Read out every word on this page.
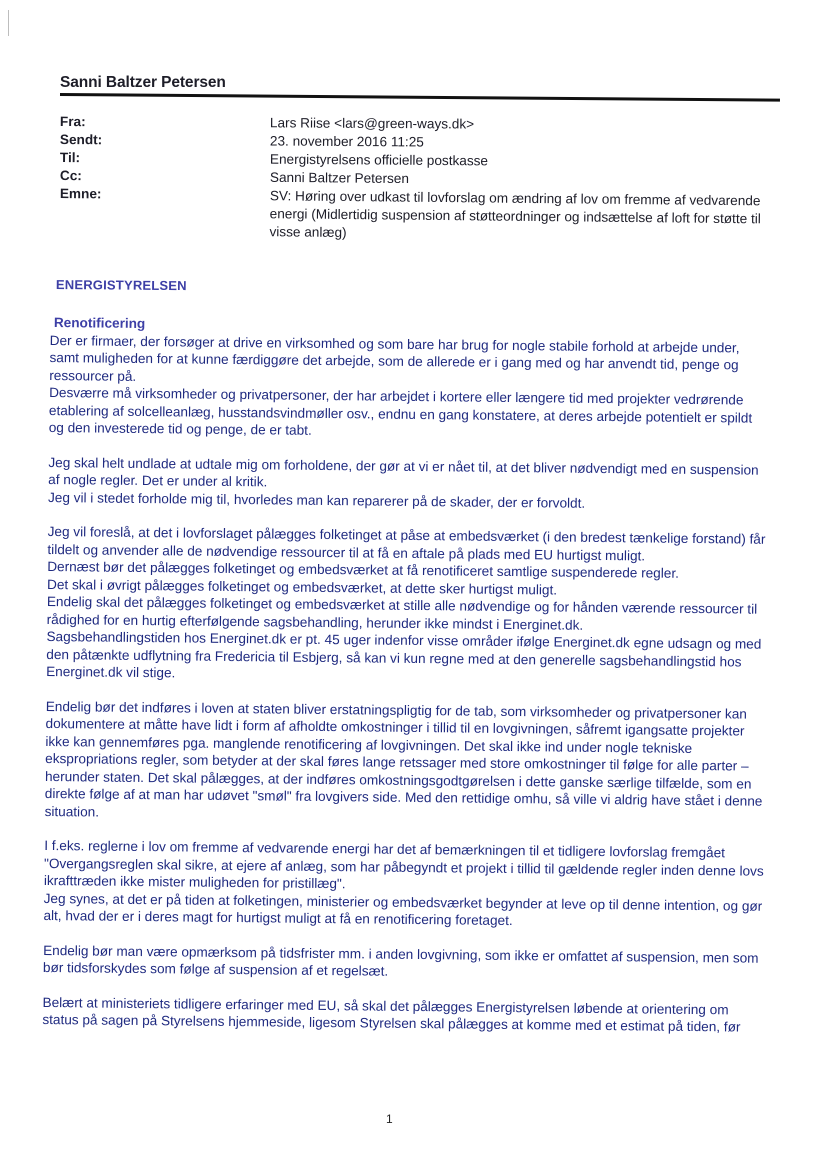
Sanni Baltzer Petersen
Fra:	Lars Riise <lars@green-ways.dk>
Sendt:	23. november 2016 11:25
Til:	Energistyrelsens officielle postkasse
Cc:	Sanni Baltzer Petersen
Emne:	SV: Høring over udkast til lovforslag om ændring af lov om fremme af vedvarende energi (Midlertidig suspension af støtteordninger og indsættelse af loft for støtte til visse anlæg)
ENERGISTYRELSEN
Renotificering

Der er firmaer, der forsøger at drive en virksomhed og som bare har brug for nogle stabile forhold at arbejde under, samt muligheden for at kunne færdiggøre det arbejde, som de allerede er i gang med og har anvendt tid, penge og ressourcer på.

Desværre må virksomheder og privatpersoner, der har arbejdet i kortere eller længere tid med projekter vedrørende etablering af solcelleanlæg, husstandsvindmøller osv., endnu en gang konstatere, at deres arbejde potentielt er spildt og den investerede tid og penge, de er tabt.

Jeg skal helt undlade at udtale mig om forholdene, der gør at vi er nået til, at det bliver nødvendigt med en suspension af nogle regler. Det er under al kritik.

Jeg vil i stedet forholde mig til, hvorledes man kan reparerer på de skader, der er forvoldt.

Jeg vil foreslå, at det i lovforslaget pålægges folketinget at påse at embedsværket (i den bredest tænkelige forstand) får tildelt og anvender alle de nødvendige ressourcer til at få en aftale på plads med EU hurtigst muligt.

Dernæst bør det pålægges folketinget og embedsværket at få renotificeret samtlige suspenderede regler.

Det skal i øvrigt pålægges folketinget og embedsværket, at dette sker hurtigst muligt.

Endelig skal det pålægges folketinget og embedsværket at stille alle nødvendige og for hånden værende ressourcer til rådighed for en hurtig efterfølgende sagsbehandling, herunder ikke mindst i Energinet.dk.

Sagsbehandlingstiden hos Energinet.dk er pt. 45 uger indenfor visse områder ifølge Energinet.dk egne udsagn og med den påtænkte udflytning fra Fredericia til Esbjerg, så kan vi kun regne med at den generelle sagsbehandlingstid hos Energinet.dk vil stige.

Endelig bør det indføres i loven at staten bliver erstatningspligtig for de tab, som virksomheder og privatpersoner kan dokumentere at måtte have lidt i form af afholdte omkostninger i tillid til en lovgivningen, såfremt igangsatte projekter ikke kan gennemføres pga. manglende renotificering af lovgivningen. Det skal ikke ind under nogle tekniske ekspropriations regler, som betyder at der skal føres lange retssager med store omkostninger til følge for alle parter – herunder staten. Det skal pålægges, at der indføres omkostningsgodtgørelsen i dette ganske særlige tilfælde, som en direkte følge af at man har udøvet "smøl" fra lovgivers side. Med den rettidige omhu, så ville vi aldrig have stået i denne situation.

I f.eks. reglerne i lov om fremme af vedvarende energi har det af bemærkningen til et tidligere lovforslag fremgået "Overgangsreglen skal sikre, at ejere af anlæg, som har påbegyndt et projekt i tillid til gældende regler inden denne lovs ikrafttræden ikke mister muligheden for pristillæg".

Jeg synes, at det er på tiden at folketingen, ministerier og embedsværket begynder at leve op til denne intention, og gør alt, hvad der er i deres magt for hurtigst muligt at få en renotificering foretaget.

Endelig bør man være opmærksom på tidsfrister mm. i anden lovgivning, som ikke er omfattet af suspension, men som bør tidsforskydes som følge af suspension af et regelsæt.

Belært at ministeriets tidligere erfaringer med EU, så skal det pålægges Energistyrelsen løbende at orientering om status på sagen på Styrelsens hjemmeside, ligesom Styrelsen skal pålægges at komme med et estimat på tiden, før

1
